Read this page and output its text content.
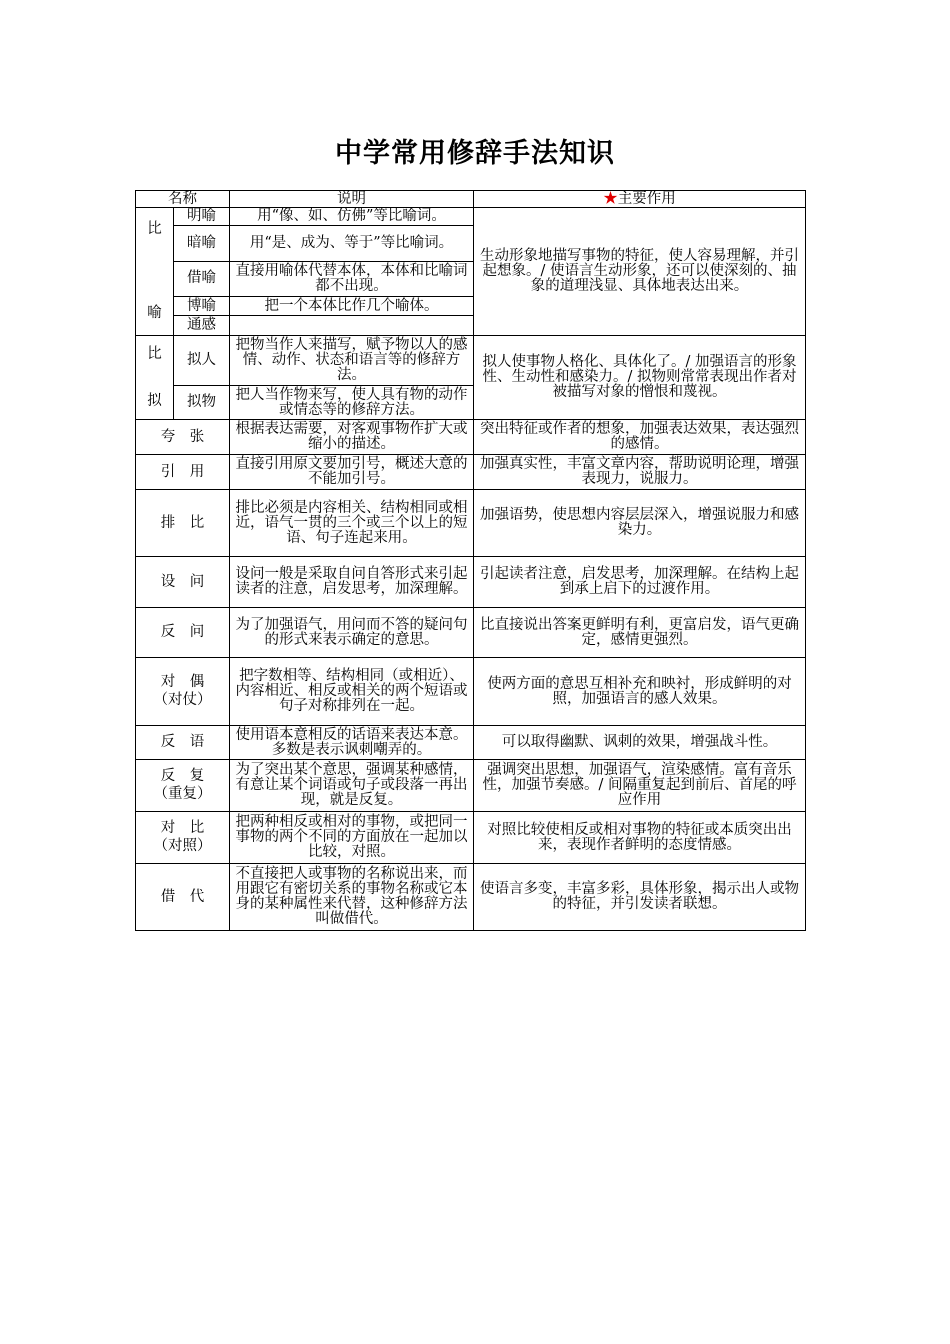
中学常用修辞手法知识
名称		说明	★主要作用

比
喻	明喻	用“像、如、仿佛”等比喻词。	生动形象地描写事物的特征，使人容易理解，并引起想象。/ 使语言生动形象，还可以使深刻的、抽象的道理浅显、具体地表达出来。
	暗喻	用“是、成为、等于”等比喻词。	
	借喻	直接用喻体代替本体，本体和比喻词都不出现。	
	博喻	把一个本体比作几个喻体。	
	通感		

比
拟	拟人	把物当作人来描写，赋予物以人的感情、动作、状态和语言等的修辞方法。	拟人使事物人格化、具体化了。/ 加强语言的形象性、生动性和感染力。/ 拟物则常常表现出作者对被描写对象的憎恨和蔑视。
	拟物	把人当作物来写，使人具有物的动作或情态等的修辞方法。	
夸　张		根据表达需要，对客观事物作扩大或缩小的描述。	突出特征或作者的想象，加强表达效果，表达强烈的感情。
引　用		直接引用原文要加引号，概述大意的不能加引号。	加强真实性，丰富文章内容，帮助说明论理，增强表现力，说服力。
排　比		排比必须是内容相关、结构相同或相近，语气一贯的三个或三个以上的短语、句子连起来用。	加强语势，使思想内容层层深入，增强说服力和感染力。
设　问		设问一般是采取自问自答形式来引起读者的注意，启发思考，加深理解。	引起读者注意，启发思考，加深理解。在结构上起到承上启下的过渡作用。
反　问		为了加强语气，用问而不答的疑问句的形式来表示确定的意思。	比直接说出答案更鲜明有利，更富启发，语气更确定，感情更强烈。

对　偶
（对仗）		把字数相等、结构相同（或相近）、内容相近、相反或相关的两个短语或句子对称排列在一起。	使两方面的意思互相补充和映衬，形成鲜明的对照，加强语言的感人效果。
反　语		使用语本意相反的话语来表达本意。多数是表示讽刺嘲弄的。	可以取得幽默、讽刺的效果，增强战斗性。

反　复
（重复）		为了突出某个意思，强调某种感情，有意让某个词语或句子或段落一再出现，就是反复。	强调突出思想，加强语气，渲染感情。富有音乐性，加强节奏感。/ 间隔重复起到前后、首尾的呼应作用

对　比
（对照）		把两种相反或相对的事物，或把同一事物的两个不同的方面放在一起加以比较，对照。	对照比较使相反或相对事物的特征或本质突出出来，表现作者鲜明的态度情感。
借　代		不直接把人或事物的名称说出来，而用跟它有密切关系的事物名称或它本身的某种属性来代替，这种修辞方法叫做借代。	使语言多变，丰富多彩，具体形象，揭示出人或物的特征，并引发读者联想。
